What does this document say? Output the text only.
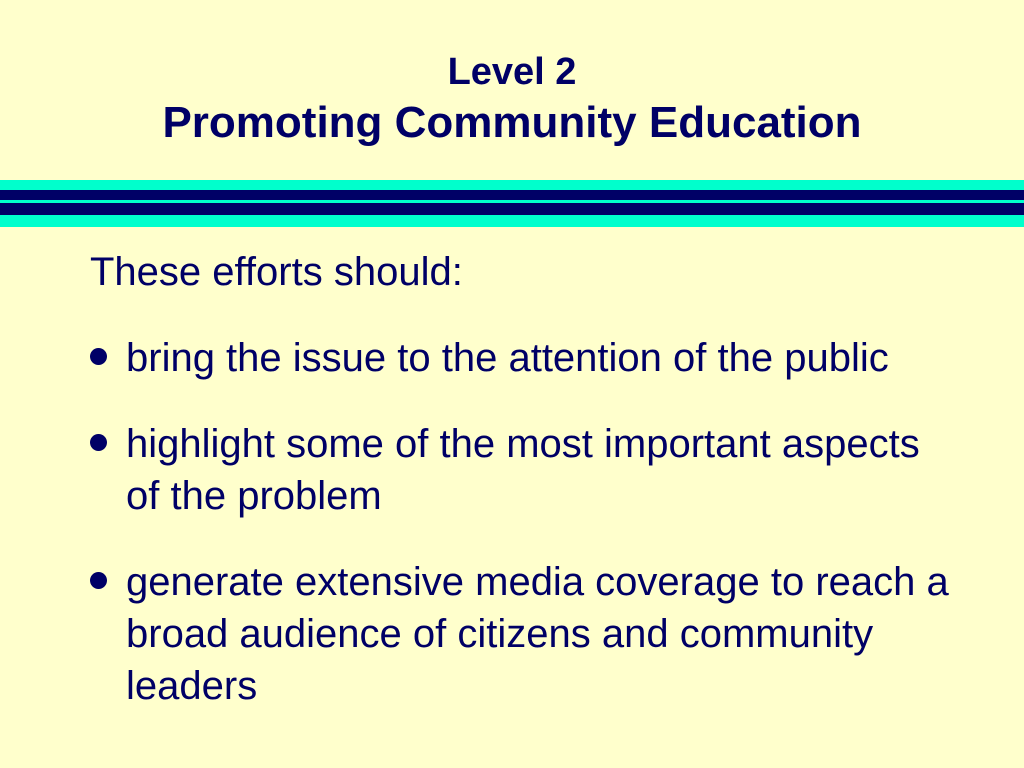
Level 2
Promoting Community Education

These efforts should:

bring the issue to the attention of the public
highlight some of the most important aspects of the problem
generate extensive media coverage to reach a broad audience of citizens and community leaders
